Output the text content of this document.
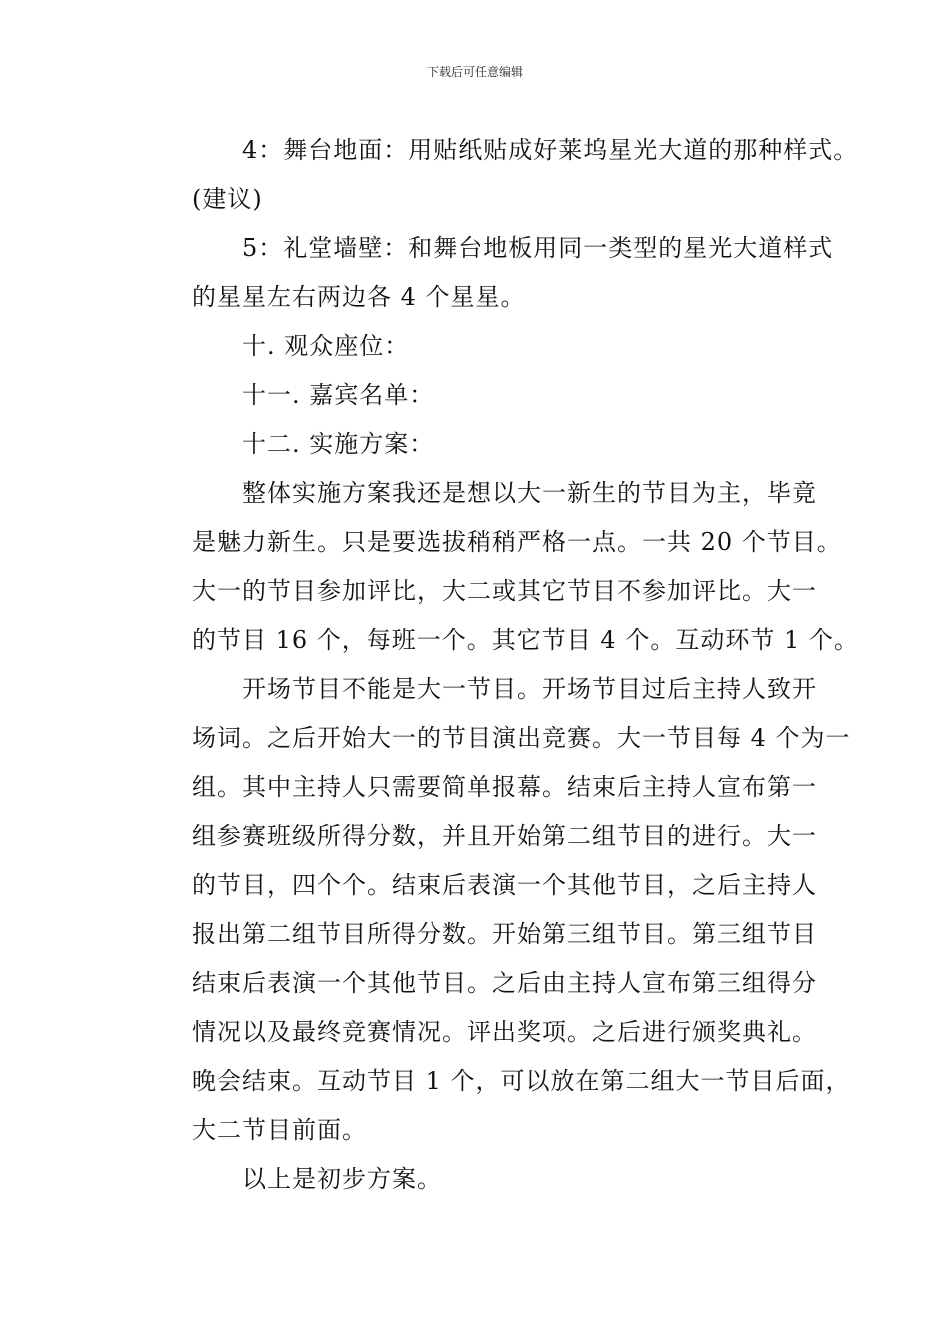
下载后可任意编辑
4：舞台地面：用贴纸贴成好莱坞星光大道的那种样式。
(建议)
5：礼堂墙壁：和舞台地板用同一类型的星光大道样式
的星星左右两边各 4 个星星。
十. 观众座位：
十一. 嘉宾名单：
十二. 实施方案：
整体实施方案我还是想以大一新生的节目为主，毕竟
是魅力新生。只是要选拔稍稍严格一点。一共 20 个节目。
大一的节目参加评比，大二或其它节目不参加评比。大一
的节目 16 个，每班一个。其它节目 4 个。互动环节 1 个。
开场节目不能是大一节目。开场节目过后主持人致开
场词。之后开始大一的节目演出竞赛。大一节目每 4 个为一
组。其中主持人只需要简单报幕。结束后主持人宣布第一
组参赛班级所得分数，并且开始第二组节目的进行。大一
的节目，四个个。结束后表演一个其他节目，之后主持人
报出第二组节目所得分数。开始第三组节目。第三组节目
结束后表演一个其他节目。之后由主持人宣布第三组得分
情况以及最终竞赛情况。评出奖项。之后进行颁奖典礼。
晚会结束。互动节目 1 个，可以放在第二组大一节目后面，
大二节目前面。
以上是初步方案。
